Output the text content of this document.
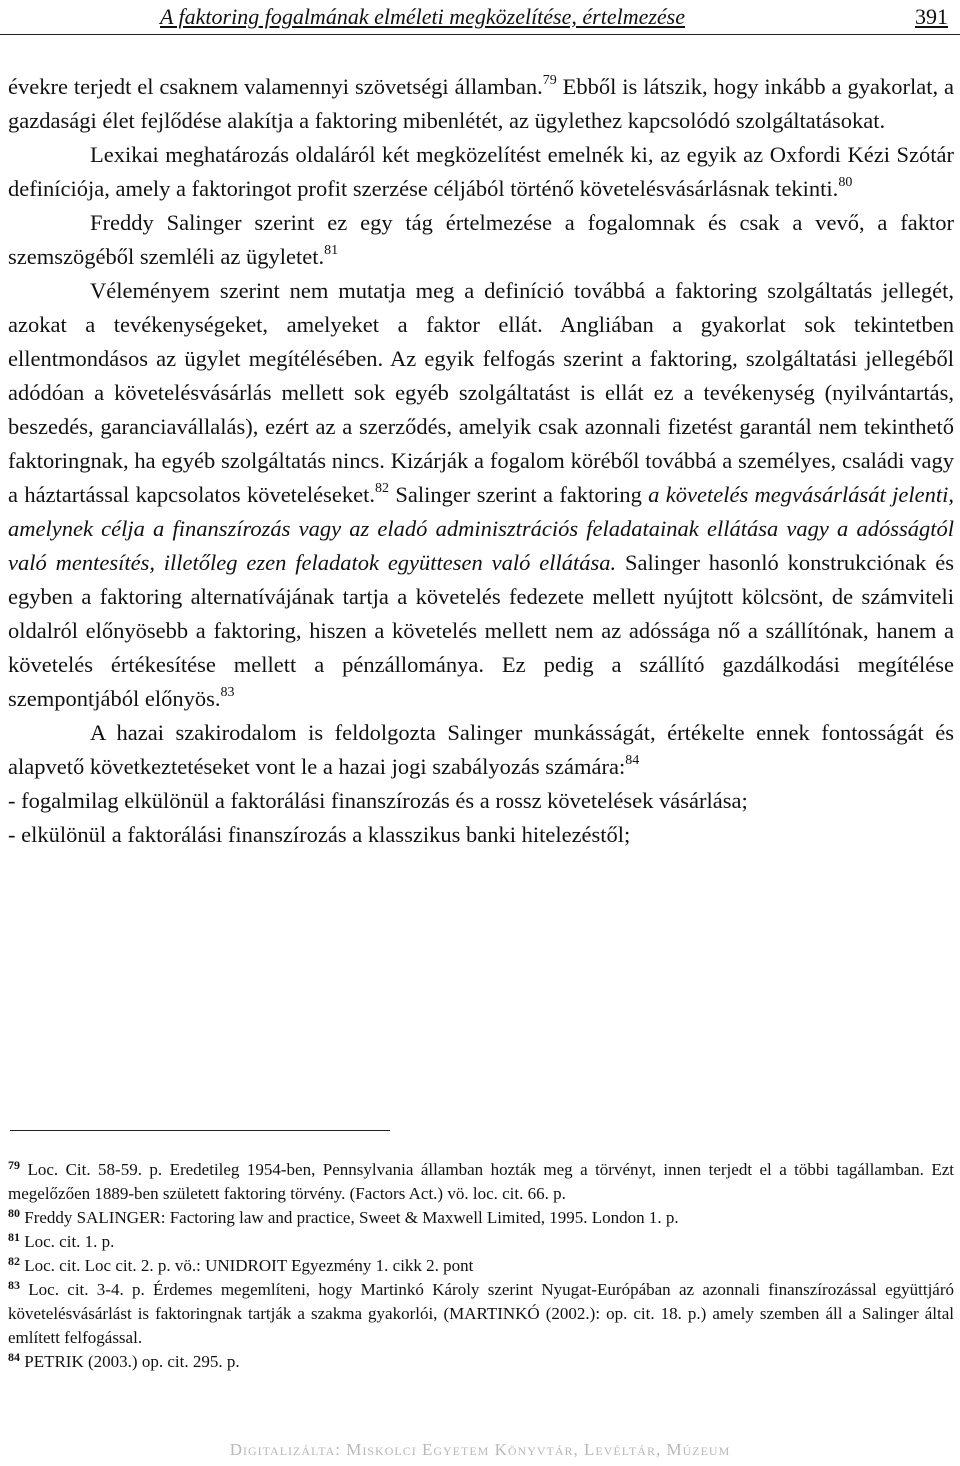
A faktoring fogalmának elméleti megközelítése, értelmezése	391

évekre terjedt el csaknem valamennyi szövetségi államban.$^{79}$ Ebből is látszik, hogy inkább a gyakorlat, a gazdasági élet fejlődése alakítja a faktoring mibenlétét, az ügylethez kapcsolódó szolgáltatásokat.

Lexikai meghatározás oldaláról két megközelítést emelnék ki, az egyik az Oxfordi Kézi Szótár definíciója, amely a faktoringot profit szerzése céljából történő követelésvásárlásnak tekinti.$^{80}$

Freddy Salinger szerint ez egy tág értelmezése a fogalomnak és csak a vevő, a faktor szemszögéből szemléli az ügyletet.$^{81}$

Véleményem szerint nem mutatja meg a definíció továbbá a faktoring szolgáltatás jellegét, azokat a tevékenységeket, amelyeket a faktor ellát. Angliában a gyakorlat sok tekintetben ellentmondásos az ügylet megítélésében. Az egyik felfogás szerint a faktoring, szolgáltatási jellegéből adódóan a követelésvásárlás mellett sok egyéb szolgáltatást is ellát ez a tevékenység (nyilvántartás, beszedés, garanciavállalás), ezért az a szerződés, amelyik csak azonnali fizetést garantál nem tekinthető faktoringnak, ha egyéb szolgáltatás nincs. Kizárják a fogalom köréből továbbá a személyes, családi vagy a háztartással kapcsolatos követeléseket.$^{82}$ Salinger szerint a faktoring a követelés megvásárlását jelenti, amelynek célja a finanszírozás vagy az eladó adminisztrációs feladatainak ellátása vagy a adósságtól való mentesítés, illetőleg ezen feladatok együttesen való ellátása. Salinger hasonló konstrukciónak és egyben a faktoring alternatívájának tartja a követelés fedezete mellett nyújtott kölcsönt, de számviteli oldalról előnyösebb a faktoring, hiszen a követelés mellett nem az adóssága nő a szállítónak, hanem a követelés értékesítése mellett a pénzállománya. Ez pedig a szállító gazdálkodási megítélése szempontjából előnyös.$^{83}$

A hazai szakirodalom is feldolgozta Salinger munkásságát, értékelte ennek fontosságát és alapvető következtetéseket vont le a hazai jogi szabályozás számára:$^{84}$

- fogalmilag elkülönül a faktorálási finanszírozás és a rossz követelések vásárlása;

- elkülönül a faktorálási finanszírozás a klasszikus banki hitelezéstől;

$^{79}$ Loc. Cit. 58-59. p. Eredetileg 1954-ben, Pennsylvania államban hozták meg a törvényt, innen terjedt el a többi tagállamban. Ezt megelőzően 1889-ben született faktoring törvény. (Factors Act.) vö. loc. cit. 66. p.

$^{80}$ Freddy SALINGER: Factoring law and practice, Sweet & Maxwell Limited, 1995. London 1. p.

$^{81}$ Loc. cit. 1. p.

$^{82}$ Loc. cit. Loc cit. 2. p. vö.: UNIDROIT Egyezmény 1. cikk 2. pont

$^{83}$ Loc. cit. 3-4. p. Érdemes megemlíteni, hogy Martinkó Károly szerint Nyugat-Európában az azonnali finanszírozással együttjáró követelésvásárlást is faktoringnak tartják a szakma gyakorlói, (MARTINKÓ (2002.): op. cit. 18. p.) amely szemben áll a Salinger által említett felfogással.

$^{84}$ PETRIK (2003.) op. cit. 295. p.

Digitalizálta: Miskolci Egyetem Könyvtár, Levéltár, Múzeum
